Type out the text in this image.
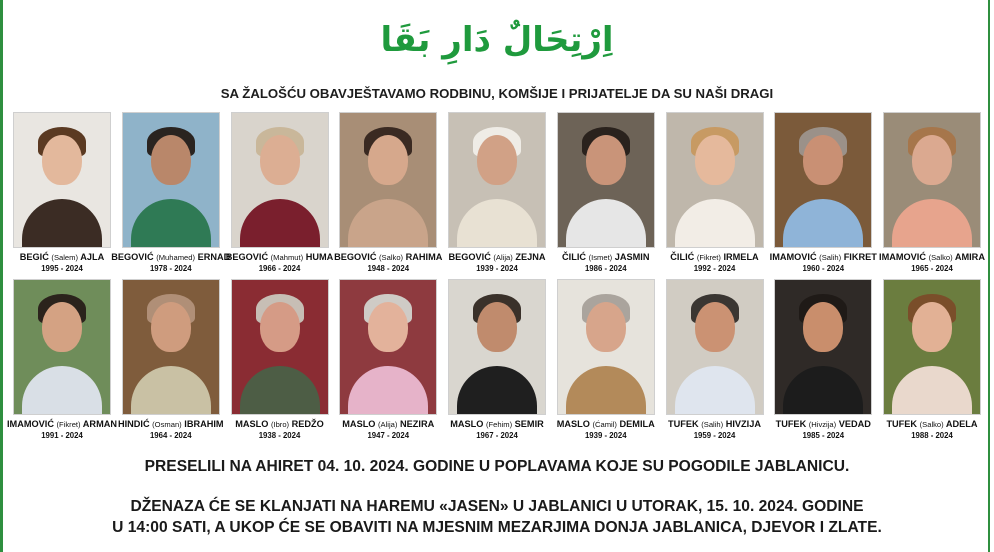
اِرْتِحَالٌ دَارِ بَقَا
SA ŽALOŠĆU OBAVJEŠTAVAMO RODBINU, KOMŠIJE I PRIJATELJE DA SU NAŠI DRAGI
BEGIĆ (Salem) AJLA
1995 - 2024
BEGOVIĆ (Muhamed) ERNAD
1978 - 2024
BEGOVIĆ (Mahmut) HUMA
1966 - 2024
BEGOVIĆ (Salko) RAHIMA
1948 - 2024
BEGOVIĆ (Alija) ZEJNA
1939 - 2024
ČILIĆ (Ismet) JASMIN
1986 - 2024
ČILIĆ (Fikret) IRMELA
1992 - 2024
IMAMOVIĆ (Salih) FIKRET
1960 - 2024
IMAMOVIĆ (Salko) AMIRA
1965 - 2024
IMAMOVIĆ (Fikret) ARMAN
1991 - 2024
HINDIĆ (Osman) IBRAHIM
1964 - 2024
MASLO (Ibro) REDŽO
1938 - 2024
MASLO (Alija) NEZIRA
1947 - 2024
MASLO (Fehim) SEMIR
1967 - 2024
MASLO (Ćamil) DEMILA
1939 - 2024
TUFEK (Salih) HIVZIJA
1959 - 2024
TUFEK (Hivzija) VEDAD
1985 - 2024
TUFEK (Salko) ADELA
1988 - 2024
PRESELILI NA AHIRET 04. 10. 2024. GODINE U POPLAVAMA KOJE SU POGODILE JABLANICU.
DŽENAZA ĆE SE KLANJATI NA HAREMU «JASEN» U JABLANICI U UTORAK, 15. 10. 2024. GODINE
U 14:00 SATI, A UKOP ĆE SE OBAVITI NA MJESNIM MEZARJIMA DONJA JABLANICA, DJEVOR I ZLATE.
